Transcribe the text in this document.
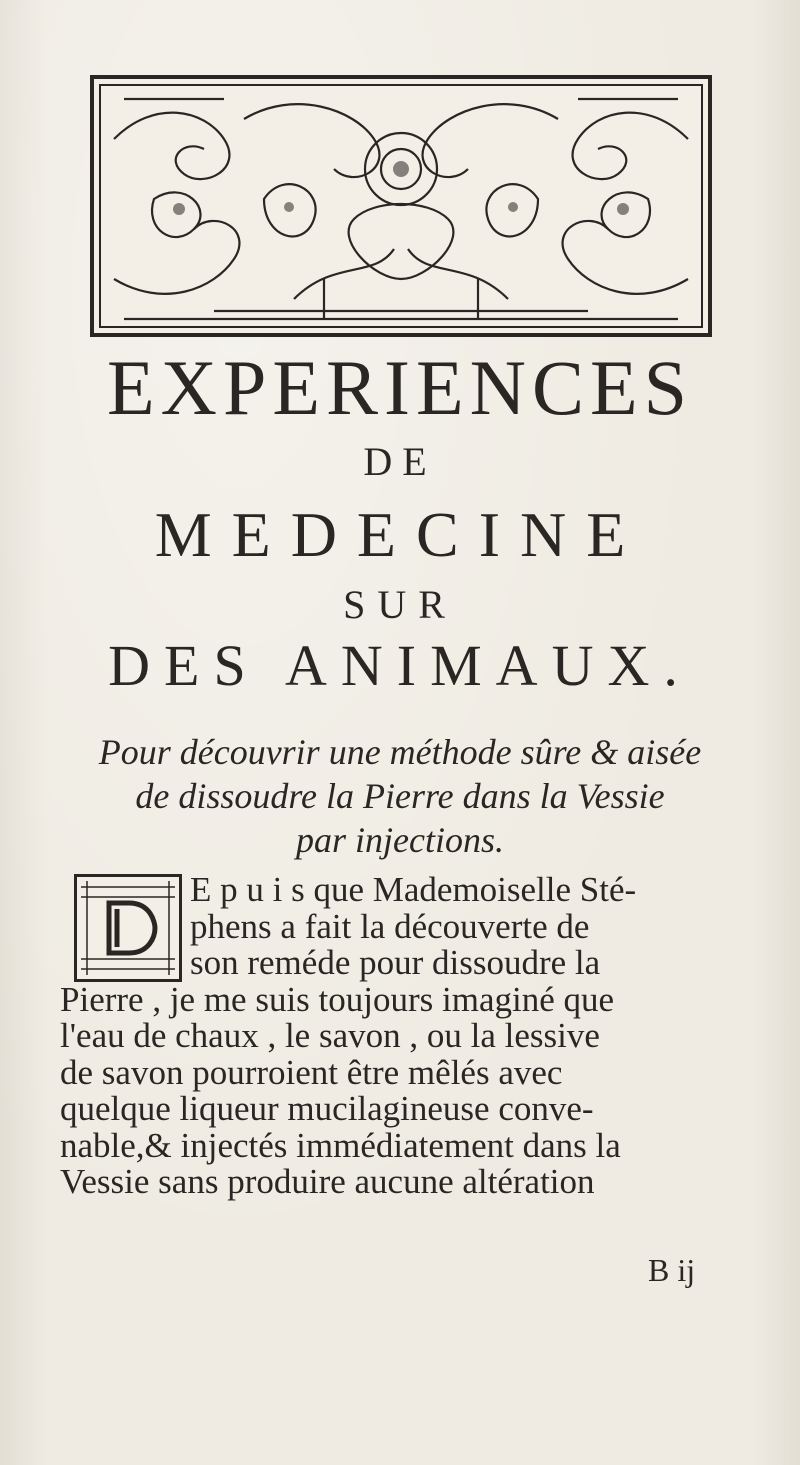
EXPERIENCES
DE
MEDECINE
SUR
DES ANIMAUX.
Pour découvrir une méthode sûre & aisée
de dissoudre la Pierre dans la Vessie
par injections.
E p u i s que Mademoiselle Sté-
phens a fait la découverte de
son reméde pour dissoudre la
Pierre , je me suis toujours imaginé que
l'eau de chaux , le savon , ou la lessive
de savon pourroient être mêlés avec
quelque liqueur mucilagineuse conve-
nable,& injectés immédiatement dans la
Vessie sans produire aucune altération
B ij
